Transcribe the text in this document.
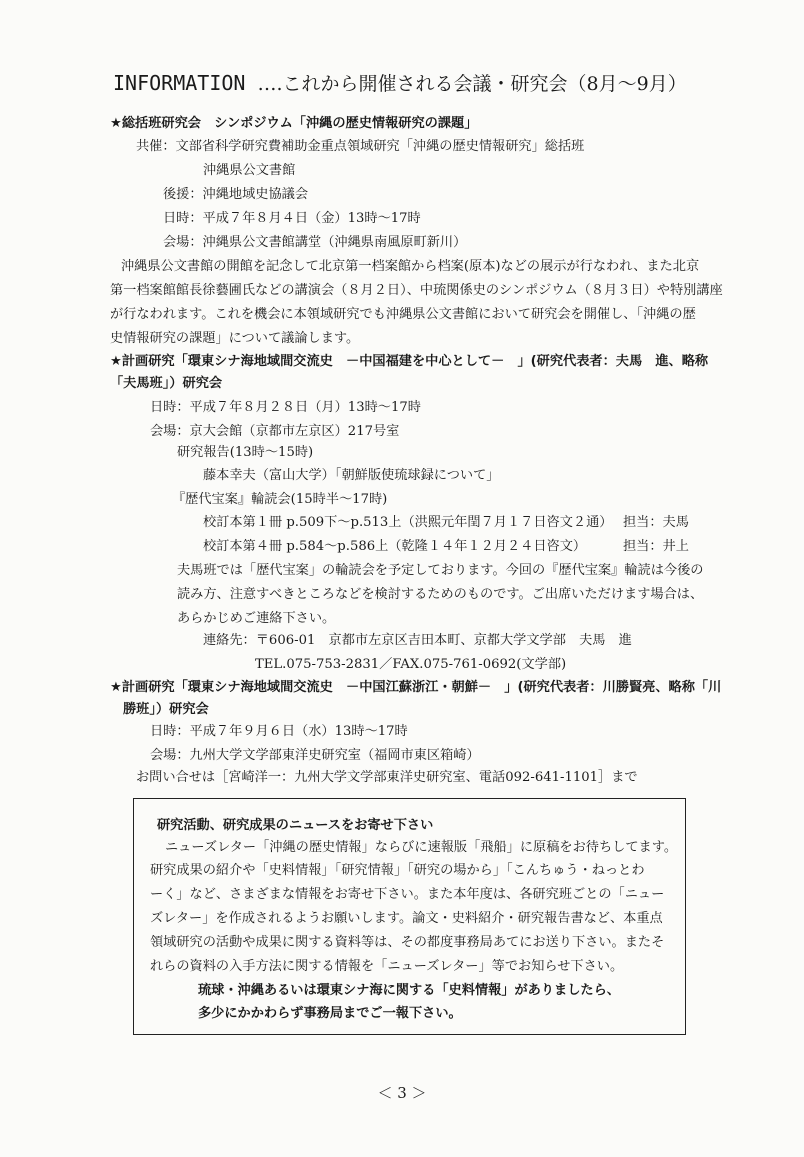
INFORMATION ….これから開催される会議・研究会（8月～9月）
★総括班研究会　シンポジウム「沖縄の歴史情報研究の課題」
共催：文部省科学研究費補助金重点領域研究「沖縄の歴史情報研究」総括班
沖縄県公文書館
後援：沖縄地域史協議会
日時：平成７年８月４日（金）13時～17時
会場：沖縄県公文書館講堂（沖縄県南風原町新川）
沖縄県公文書館の開館を記念して北京第一档案館から档案(原本)などの展示が行なわれ、また北京
第一档案館館長徐藝圃氏などの講演会（８月２日）、中琉関係史のシンポジウム（８月３日）や特別講座
が行なわれます。これを機会に本領域研究でも沖縄県公文書館において研究会を開催し、「沖縄の歴
史情報研究の課題」について議論します。
★計画研究「環東シナ海地域間交流史　－中国福建を中心として－　」(研究代表者：夫馬　進、略称
「夫馬班」）研究会
日時：平成７年８月２８日（月）13時～17時
会場：京大会館（京都市左京区）217号室
研究報告(13時～15時)
藤本幸夫（富山大学）「朝鮮版使琉球録について」
『歴代宝案』輪読会(15時半～17時)
校訂本第１冊 p.509下～p.513上（洪熙元年閏７月１７日咨文２通） 担当：夫馬
校訂本第４冊 p.584～p.586上（乾隆１４年１２月２４日咨文）	担当：井上
夫馬班では「歴代宝案」の輪読会を予定しております。今回の『歴代宝案』輪読は今後の
読み方、注意すべきところなどを検討するためのものです。ご出席いただけます場合は、
あらかじめご連絡下さい。
連絡先：〒606-01　京都市左京区吉田本町、京都大学文学部　夫馬　進
TEL.075-753-2831／FAX.075-761-0692(文学部)
★計画研究「環東シナ海地域間交流史　－中国江蘇浙江・朝鮮－　」(研究代表者：川勝賢亮、略称「川
勝班」）研究会
日時：平成７年９月６日（水）13時～17時
会場：九州大学文学部東洋史研究室（福岡市東区箱崎）
お問い合せは［宮崎洋一：九州大学文学部東洋史研究室、電話092-641-1101］まで
研究活動、研究成果のニュースをお寄せ下さい
ニューズレター「沖縄の歴史情報」ならびに速報版「飛船」に原稿をお待ちしてます。
研究成果の紹介や「史料情報」「研究情報」「研究の場から」「こんちゅう・ねっとわ
ーく」など、さまざまな情報をお寄せ下さい。また本年度は、各研究班ごとの「ニュー
ズレター」を作成されるようお願いします。論文・史料紹介・研究報告書など、本重点
領域研究の活動や成果に関する資料等は、その都度事務局あてにお送り下さい。またそ
れらの資料の入手方法に関する情報を「ニューズレター」等でお知らせ下さい。
琉球・沖縄あるいは環東シナ海に関する「史料情報」がありましたら、
多少にかかわらず事務局までご一報下さい。
＜ 3 ＞
